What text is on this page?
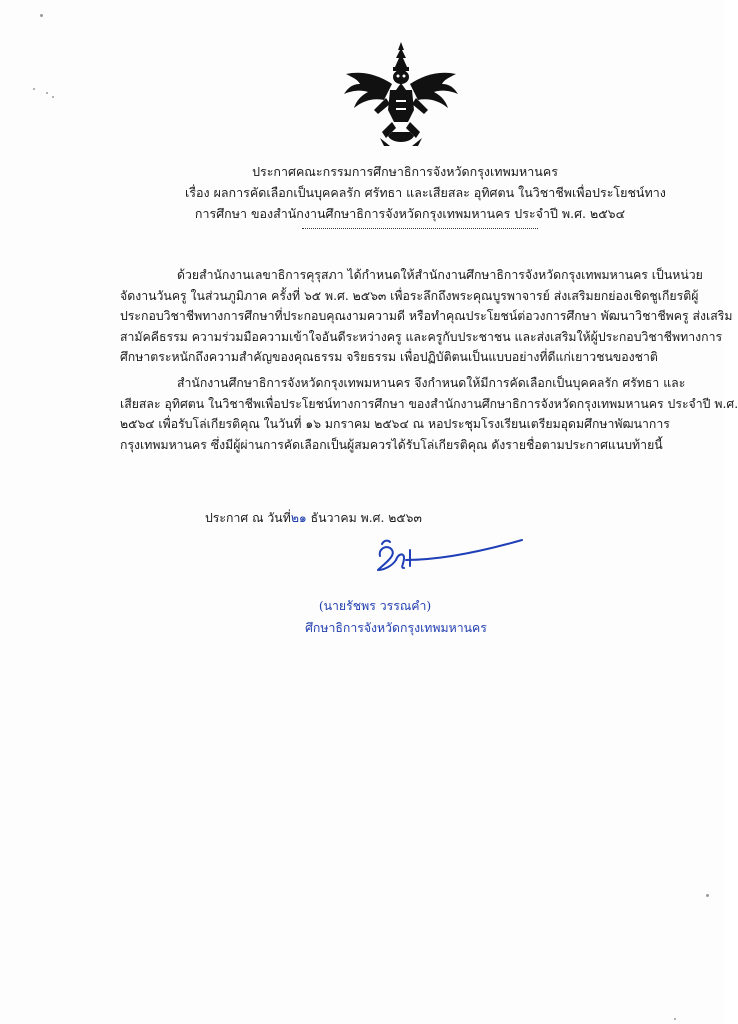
ประกาศคณะกรรมการศึกษาธิการจังหวัดกรุงเทพมหานคร
เรื่อง ผลการคัดเลือกเป็นบุคคลรัก ศรัทธา และเสียสละ อุทิศตน ในวิชาชีพเพื่อประโยชน์ทาง
การศึกษา ของสำนักงานศึกษาธิการจังหวัดกรุงเทพมหานคร ประจำปี พ.ศ. ๒๕๖๔
ด้วยสำนักงานเลขาธิการคุรุสภา ได้กำหนดให้สำนักงานศึกษาธิการจังหวัดกรุงเทพมหานคร เป็นหน่วย
จัดงานวันครู ในส่วนภูมิภาค ครั้งที่ ๖๕ พ.ศ. ๒๕๖๓ เพื่อระลึกถึงพระคุณบูรพาจารย์ ส่งเสริมยกย่องเชิดชูเกียรติผู้
ประกอบวิชาชีพทางการศึกษาที่ประกอบคุณงามความดี หรือทำคุณประโยชน์ต่อวงการศึกษา พัฒนาวิชาชีพครู ส่งเสริม
สามัคคีธรรม ความร่วมมือความเข้าใจอันดีระหว่างครู และครูกับประชาชน และส่งเสริมให้ผู้ประกอบวิชาชีพทางการ
ศึกษาตระหนักถึงความสำคัญของคุณธรรม จริยธรรม เพื่อปฏิบัติตนเป็นแบบอย่างที่ดีแก่เยาวชนของชาติ
สำนักงานศึกษาธิการจังหวัดกรุงเทพมหานคร จึงกำหนดให้มีการคัดเลือกเป็นบุคคลรัก ศรัทธา และ
เสียสละ อุทิศตน ในวิชาชีพเพื่อประโยชน์ทางการศึกษา ของสำนักงานศึกษาธิการจังหวัดกรุงเทพมหานคร ประจำปี พ.ศ.
๒๕๖๔ เพื่อรับโล่เกียรติคุณ ในวันที่ ๑๖ มกราคม ๒๕๖๔ ณ หอประชุมโรงเรียนเตรียมอุดมศึกษาพัฒนาการ
กรุงเทพมหานคร ซึ่งมีผู้ผ่านการคัดเลือกเป็นผู้สมควรได้รับโล่เกียรติคุณ ดังรายชื่อตามประกาศแนบท้ายนี้
ประกาศ ณ วันที่๒๑ ธันวาคม พ.ศ. ๒๕๖๓
(นายรัชพร วรรณคำ)
ศึกษาธิการจังหวัดกรุงเทพมหานคร
